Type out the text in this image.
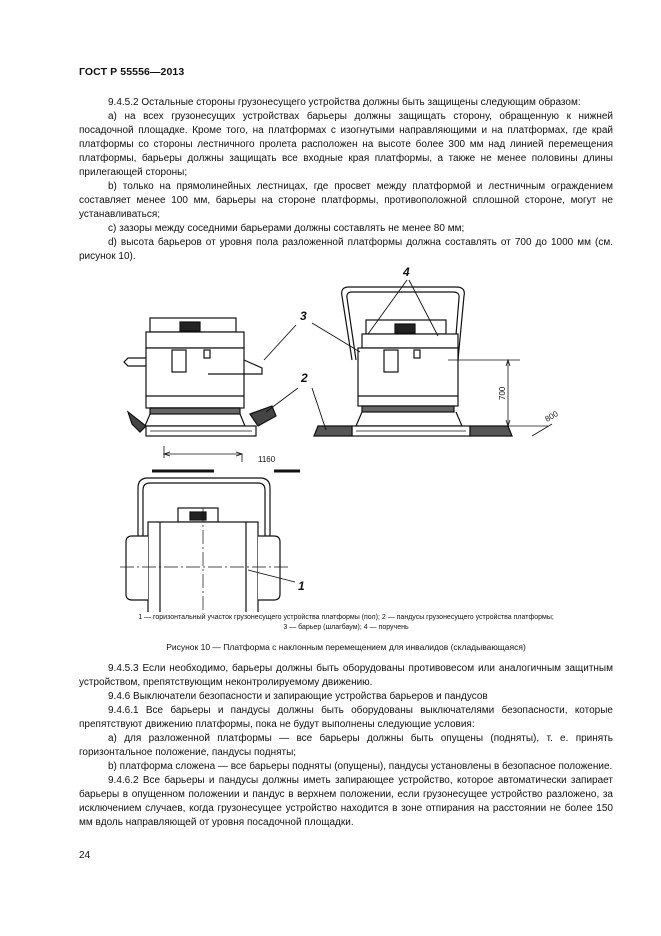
ГОСТ Р 55556—2013

9.4.5.2 Остальные стороны грузонесущего устройства должны быть защищены следующим образом:

a) на всех грузонесущих устройствах барьеры должны защищать сторону, обращенную к нижней посадочной площадке. Кроме того, на платформах с изогнутыми направляющими и на платформах, где край платформы со стороны лестничного пролета расположен на высоте более 300 мм над линией перемещения платформы, барьеры должны защищать все входные края платформы, а также не менее половины длины прилегающей стороны;

b) только на прямолинейных лестницах, где просвет между платформой и лестничным ограждением составляет менее 100 мм, барьеры на стороне платформы, противоположной сплошной стороне, могут не устанавливаться;

c) зазоры между соседними барьерами должны составлять не менее 80 мм;

d) высота барьеров от уровня пола разложенной платформы должна составлять от 700 до 1000 мм (см. рисунок 10).

3
2
4
1
1160
700
800
1 — горизонтальный участок грузонесущего устройства платформы (пол); 2 — пандусы грузонесущего устройства платформы;
3 — барьер (шлагбаум); 4 — поручень
Рисунок 10 — Платформа с наклонным перемещением для инвалидов (складывающаяся)

9.4.5.3 Если необходимо, барьеры должны быть оборудованы противовесом или аналогичным защитным устройством, препятствующим неконтролируемому движению.

9.4.6 Выключатели безопасности и запирающие устройства барьеров и пандусов

9.4.6.1 Все барьеры и пандусы должны быть оборудованы выключателями безопасности, которые препятствуют движению платформы, пока не будут выполнены следующие условия:

a) для разложенной платформы — все барьеры должны быть опущены (подняты), т. е. принять горизонтальное положение, пандусы подняты;

b) платформа сложена — все барьеры подняты (опущены), пандусы установлены в безопасное положение.

9.4.6.2 Все барьеры и пандусы должны иметь запирающее устройство, которое автоматически запирает барьеры в опущенном положении и пандус в верхнем положении, если грузонесущее устройство разложено, за исключением случаев, когда грузонесущее устройство находится в зоне отпирания на расстоянии не более 150 мм вдоль направляющей от уровня посадочной площадки.

24
